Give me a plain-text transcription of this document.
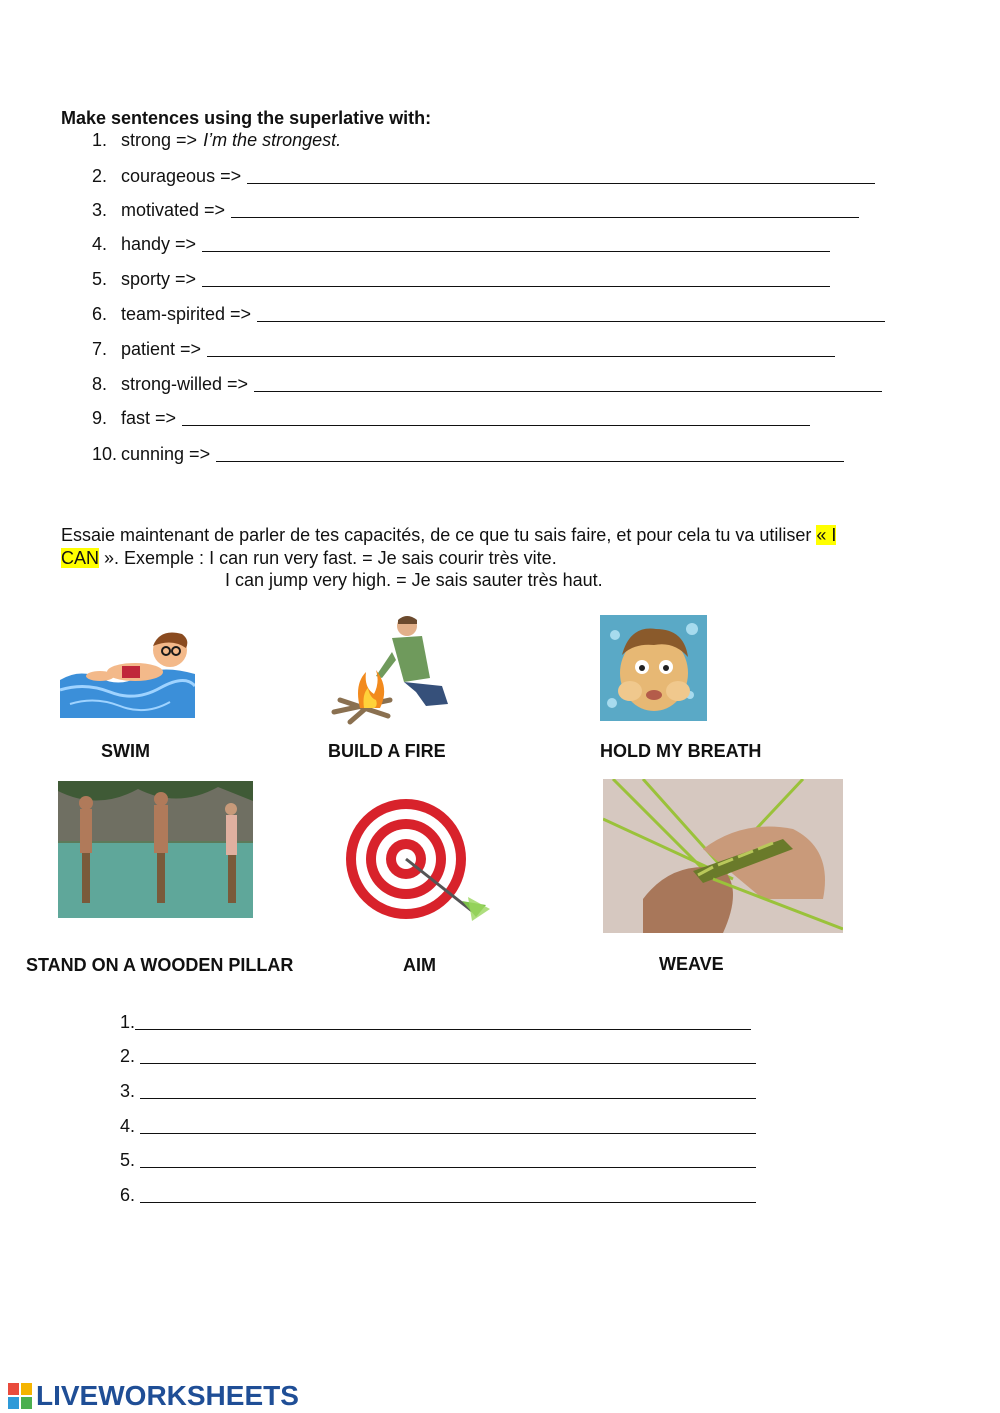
Make sentences using the superlative with:
1. strong => I’m the strongest.
2. courageous =>
3. motivated =>
4. handy =>
5. sporty =>
6. team-spirited =>
7. patient =>
8. strong-willed =>
9. fast =>
10. cunning =>
Essaie maintenant de parler de tes capacités, de ce que tu sais faire, et pour cela tu va utiliser « I
CAN ». Exemple : I can run very fast. = Je sais courir très vite.
I can jump very high. = Je sais sauter très haut.
SWIM	BUILD A FIRE	HOLD MY BREATH
STAND ON A WOODEN PILLAR	AIM	WEAVE
1.
2.
3.
4.
5.
6.
LIVEWORKSHEETS
